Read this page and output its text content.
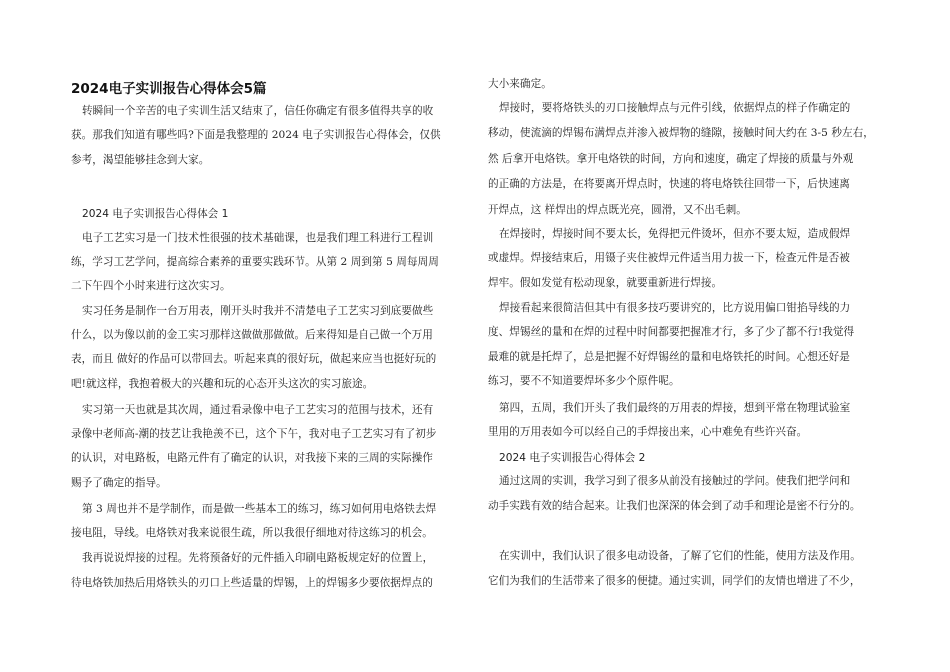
2024电子实训报告心得体会5篇
转瞬间一个辛苦的电子实训生活又结束了，信任你确定有很多值得共享的收
获。那我们知道有哪些吗?下面是我整理的 2024 电子实训报告心得体会，仅供
参考，渴望能够挂念到大家。
2024 电子实训报告心得体会 1
电子工艺实习是一门技术性很强的技术基础课，也是我们理工科进行工程训
练，学习工艺学问，提高综合素养的重要实践环节。从第 2 周到第 5 周每周周
二下午四个小时来进行这次实习。
实习任务是制作一台万用表，刚开头时我并不清楚电子工艺实习到底要做些
什么，以为像以前的金工实习那样这做做那做做。后来得知是自己做一个万用
表，而且 做好的作品可以带回去。听起来真的很好玩，做起来应当也挺好玩的
吧!就这样，我抱着极大的兴趣和玩的心态开头这次的实习旅途。
实习第一天也就是其次周，通过看录像中电子工艺实习的范围与技术，还有
录像中老师高-潮的技艺让我艳羡不已，这个下午，我对电子工艺实习有了初步
的认识，对电路板，电路元件有了确定的认识，对我接下来的三周的实际操作
赐予了确定的指导。
第 3 周也并不是学制作，而是做一些基本工的练习，练习如何用电烙铁去焊
接电阻，导线。电烙铁对我来说很生疏，所以我很仔细地对待这练习的机会。
我再说说焊接的过程。先将预备好的元件插入印刷电路板规定好的位置上，
待电烙铁加热后用烙铁头的刃口上些适量的焊锡，上的焊锡多少要依据焊点的
大小来确定。
焊接时，要将烙铁头的刃口接触焊点与元件引线，依据焊点的样子作确定的
移动，使流滴的焊锡布满焊点并渗入被焊物的缝隙，接触时间大约在 3-5 秒左右，
然 后拿开电烙铁。拿开电烙铁的时间，方向和速度，确定了焊接的质量与外观
的正确的方法是，在将要离开焊点时，快速的将电烙铁往回带一下，后快速离
开焊点，这 样焊出的焊点既光亮，圆滑，又不出毛刺。
在焊接时，焊接时间不要太长，免得把元件烫坏，但亦不要太短，造成假焊
或虚焊。焊接结束后，用镊子夹住被焊元件适当用力拔一下，检查元件是否被
焊牢。假如发觉有松动现象，就要重新进行焊接。
焊接看起来很简洁但其中有很多技巧要讲究的，比方说用偏口钳掐导线的力
度、焊锡丝的量和在焊的过程中时间都要把握准才行，多了少了都不行!我觉得
最难的就是托焊了，总是把握不好焊锡丝的量和电烙铁托的时间。心想还好是
练习，要不不知道要焊坏多少个原件呢。
第四，五周，我们开头了我们最终的万用表的焊接，想到平常在物理试验室
里用的万用表如今可以经自己的手焊接出来，心中难免有些许兴奋。
2024 电子实训报告心得体会 2
通过这周的实训，我学习到了很多从前没有接触过的学问。使我们把学问和
动手实践有效的结合起来。让我们也深深的体会到了动手和理论是密不行分的。
在实训中，我们认识了很多电动设备，了解了它们的性能，使用方法及作用。
它们为我们的生活带来了很多的便捷。通过实训，同学们的友情也增进了不少，
